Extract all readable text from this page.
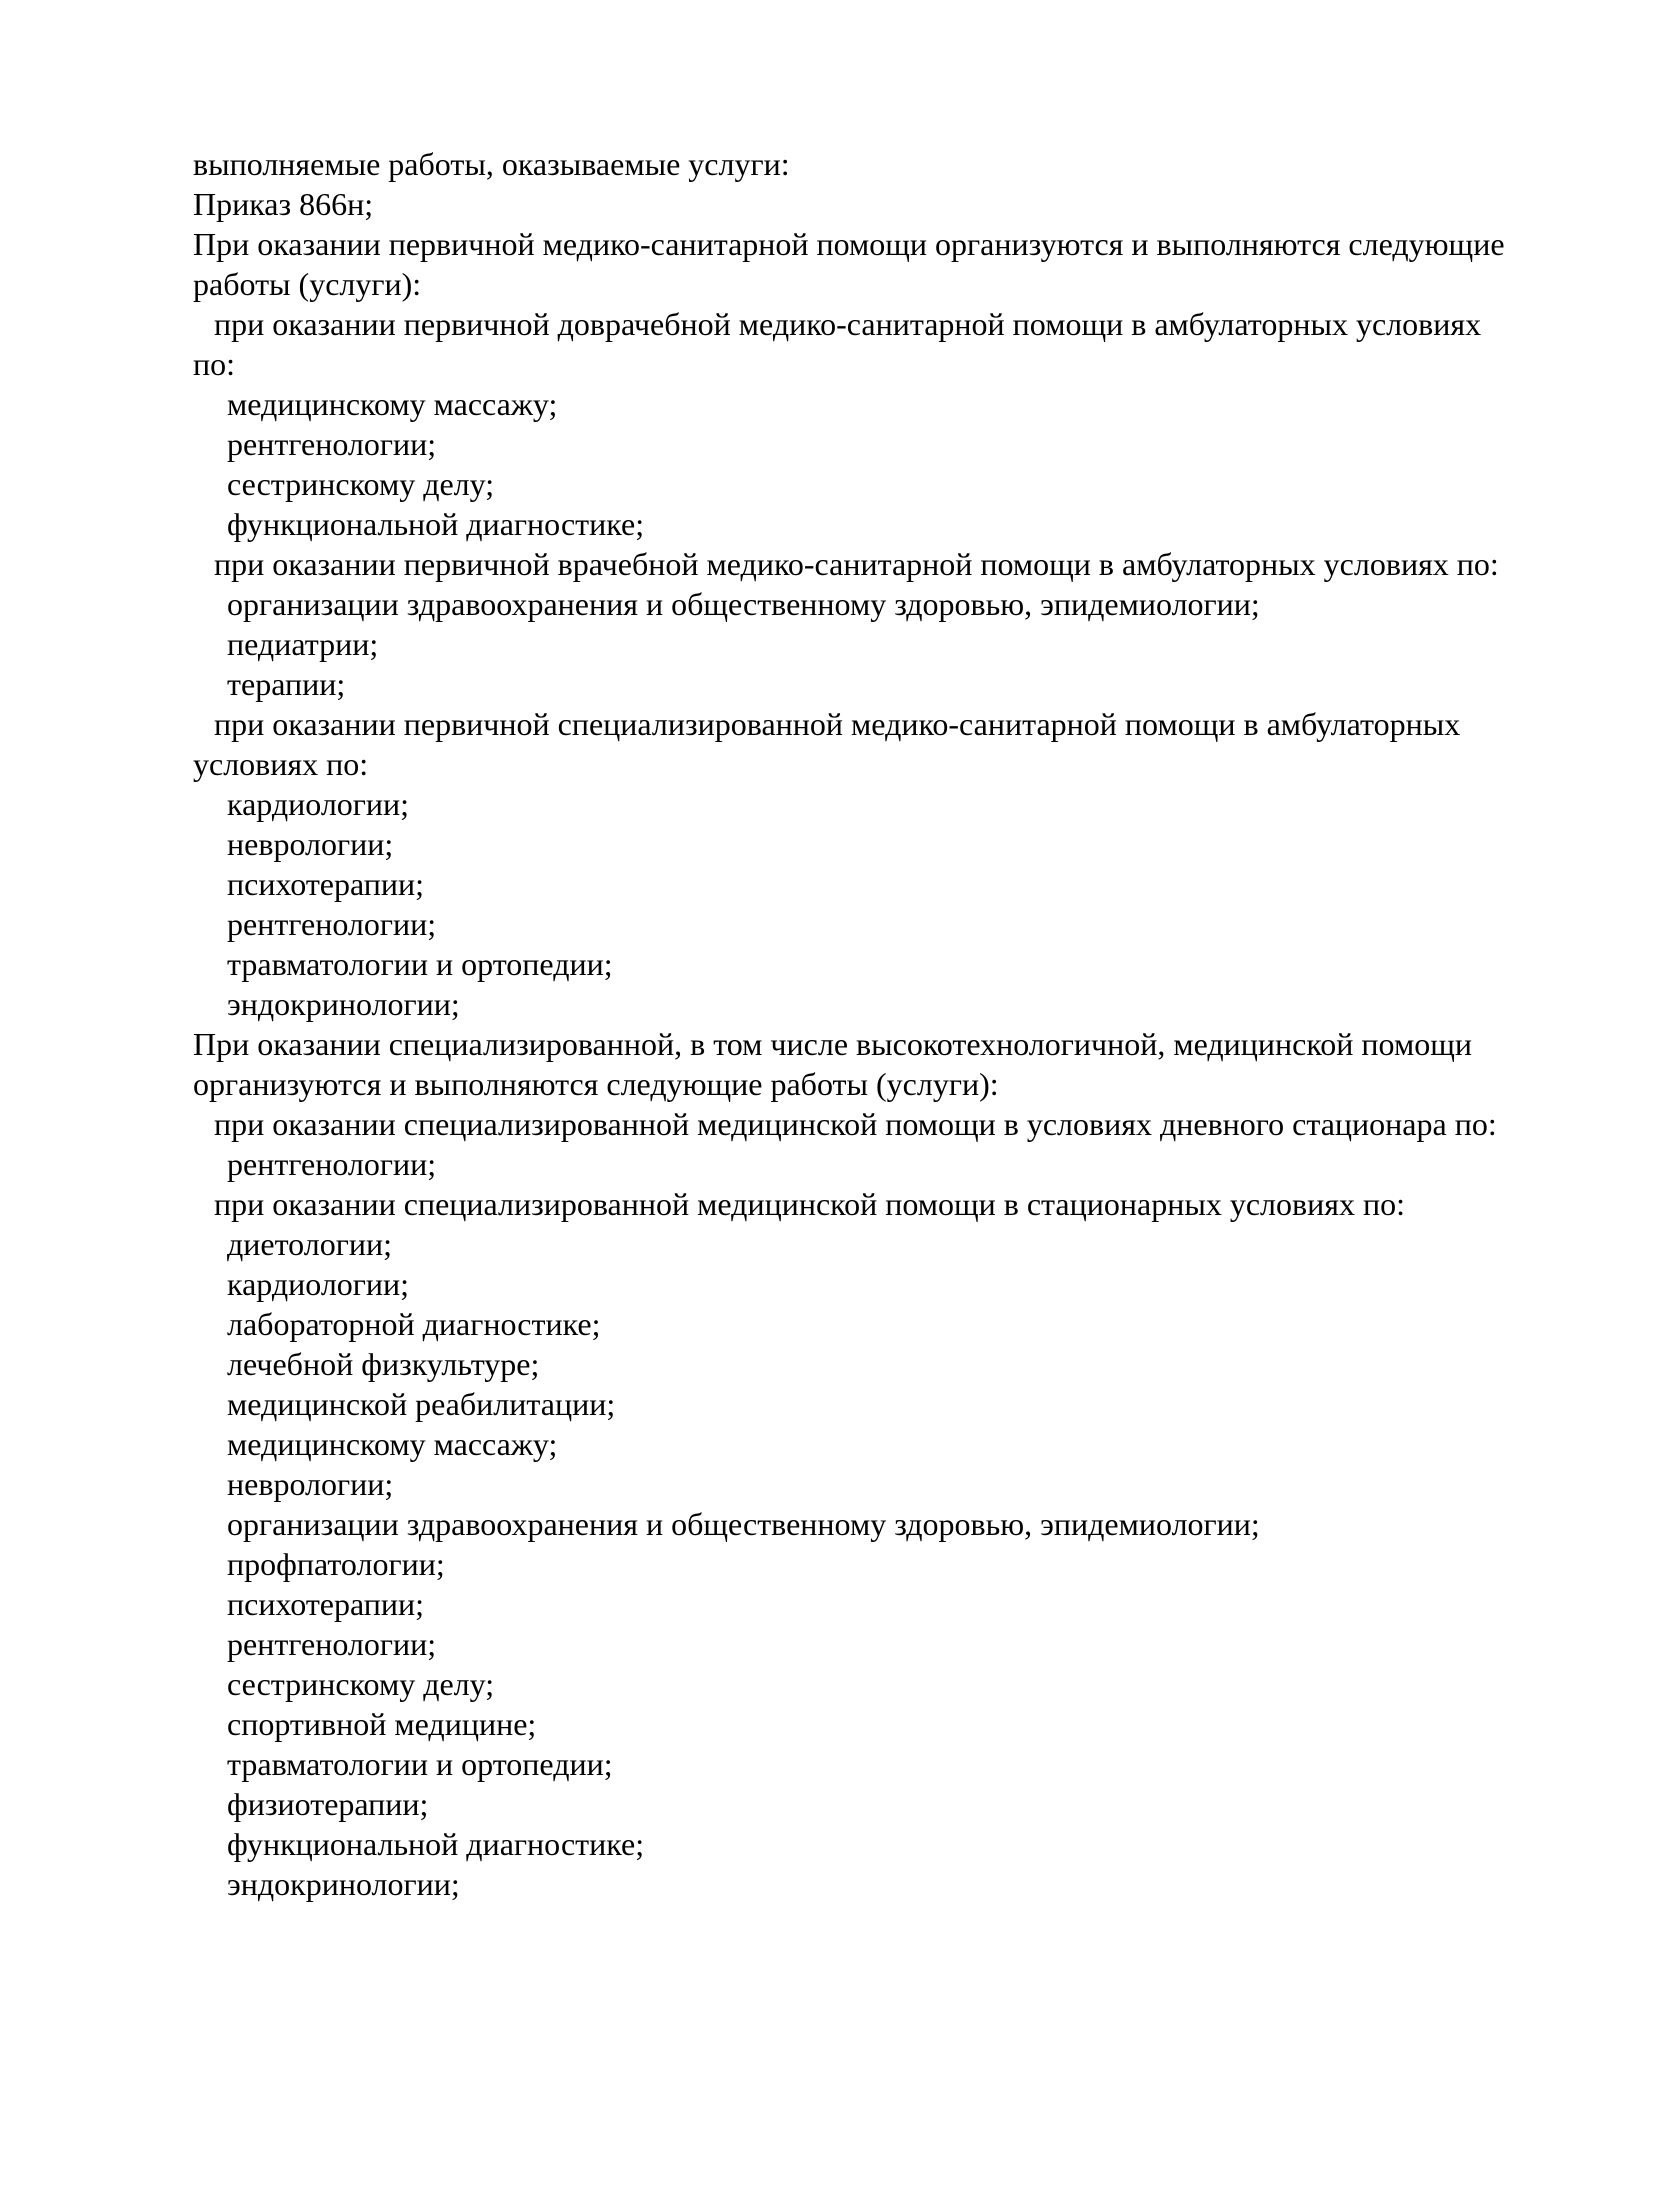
выполняемые работы, оказываемые услуги:
Приказ 866н;
При оказании первичной медико-санитарной помощи организуются и выполняются следующие
работы (услуги):
при оказании первичной доврачебной медико-санитарной помощи в амбулаторных условиях
по:
медицинскому массажу;
рентгенологии;
сестринскому делу;
функциональной диагностике;
при оказании первичной врачебной медико-санитарной помощи в амбулаторных условиях по:
организации здравоохранения и общественному здоровью, эпидемиологии;
педиатрии;
терапии;
при оказании первичной специализированной медико-санитарной помощи в амбулаторных
условиях по:
кардиологии;
неврологии;
психотерапии;
рентгенологии;
травматологии и ортопедии;
эндокринологии;
При оказании специализированной, в том числе высокотехнологичной, медицинской помощи
организуются и выполняются следующие работы (услуги):
при оказании специализированной медицинской помощи в условиях дневного стационара по:
рентгенологии;
при оказании специализированной медицинской помощи в стационарных условиях по:
диетологии;
кардиологии;
лабораторной диагностике;
лечебной физкультуре;
медицинской реабилитации;
медицинскому массажу;
неврологии;
организации здравоохранения и общественному здоровью, эпидемиологии;
профпатологии;
психотерапии;
рентгенологии;
сестринскому делу;
спортивной медицине;
травматологии и ортопедии;
физиотерапии;
функциональной диагностике;
эндокринологии;
